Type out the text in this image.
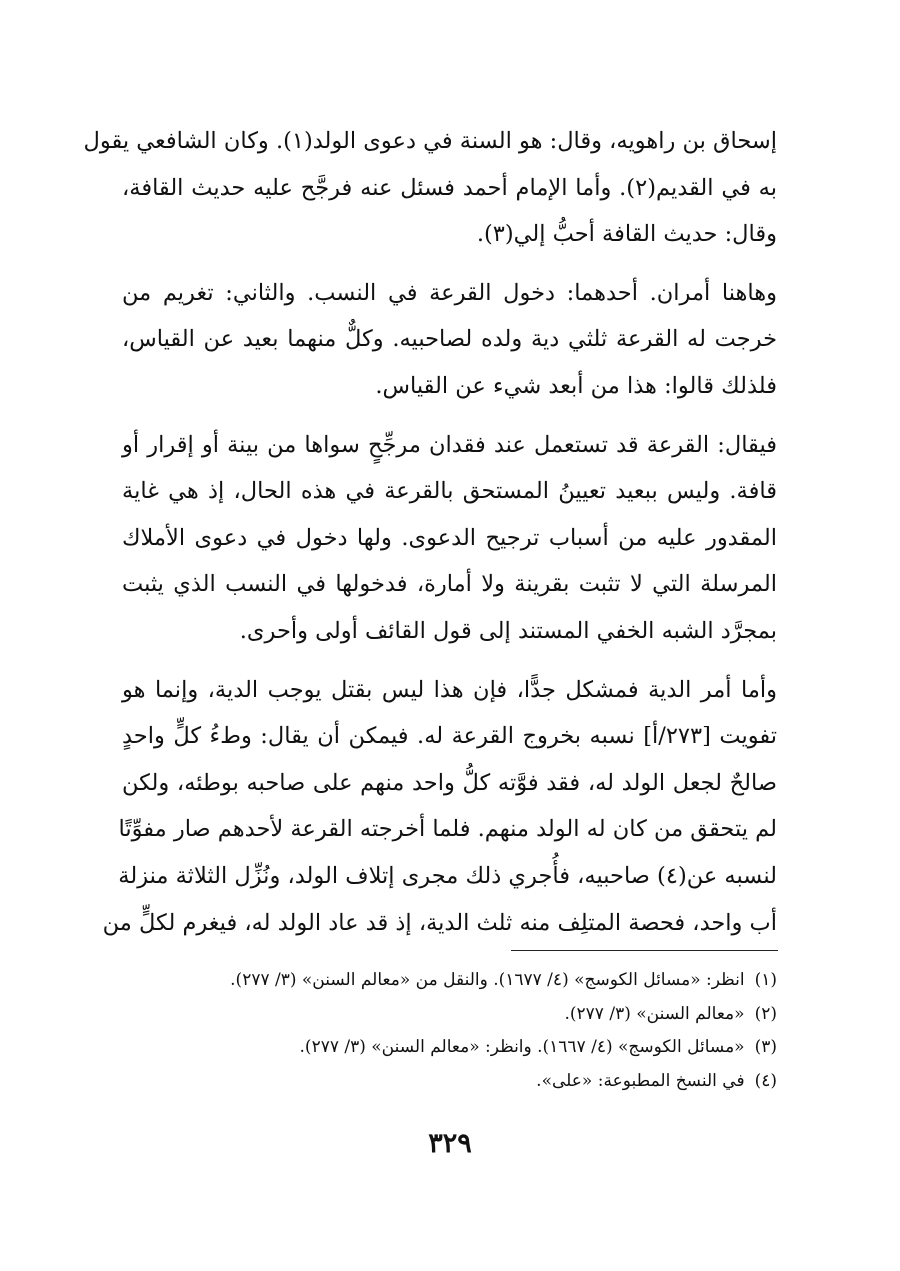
إسحاق بن راهويه، وقال: هو السنة في دعوى الولد(١). وكان الشافعي يقول
به في القديم(٢). وأما الإمام أحمد فسئل عنه فرجَّح عليه حديث القافة،
وقال: حديث القافة أحبُّ إلي(٣).
وهاهنا أمران. أحدهما: دخول القرعة في النسب. والثاني: تغريم من
خرجت له القرعة ثلثي دية ولده لصاحبيه. وكلٌّ منهما بعيد عن القياس،
فلذلك قالوا: هذا من أبعد شيء عن القياس.
فيقال: القرعة قد تستعمل عند فقدان مرجِّحٍ سواها من بينة أو إقرار أو
قافة. وليس ببعيد تعيينُ المستحق بالقرعة في هذه الحال، إذ هي غاية
المقدور عليه من أسباب ترجيح الدعوى. ولها دخول في دعوى الأملاك
المرسلة التي لا تثبت بقرينة ولا أمارة، فدخولها في النسب الذي يثبت
بمجرَّد الشبه الخفي المستند إلى قول القائف أولى وأحرى.
وأما أمر الدية فمشكل جدًّا، فإن هذا ليس بقتل يوجب الدية، وإنما هو
تفويت [٢٧٣/أ] نسبه بخروج القرعة له. فيمكن أن يقال: وطءُ كلٍّ واحدٍ
صالحٌ لجعل الولد له، فقد فوَّته كلُّ واحد منهم على صاحبه بوطئه، ولكن
لم يتحقق من كان له الولد منهم. فلما أخرجته القرعة لأحدهم صار مفوِّتًا
لنسبه عن(٤) صاحبيه، فأُجري ذلك مجرى إتلاف الولد، ونُزِّل الثلاثة منزلة
أب واحد، فحصة المتلِف منه ثلث الدية، إذ قد عاد الولد له، فيغرم لكلٍّ من
(١)انظر: «مسائل الكوسج» (٤/ ١٦٧٧). والنقل من «معالم السنن» (٣/ ٢٧٧).
(٢)«معالم السنن» (٣/ ٢٧٧).
(٣)«مسائل الكوسج» (٤/ ١٦٦٧). وانظر: «معالم السنن» (٣/ ٢٧٧).
(٤)في النسخ المطبوعة: «على».
٣٢٩
